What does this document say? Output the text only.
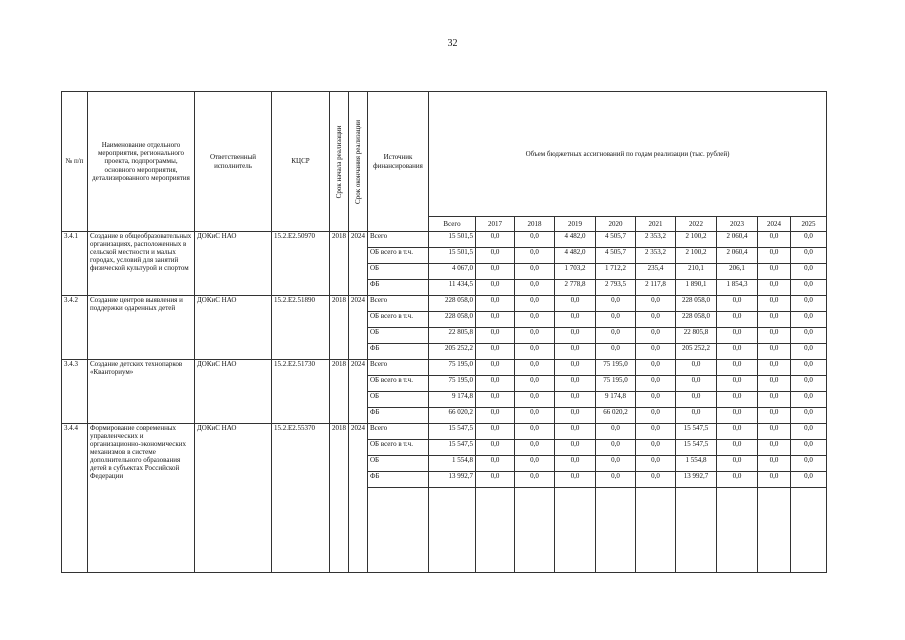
32
№ п/п	Наименование отдельного мероприятия, регионального проекта, подпрограммы, основного мероприятия, детализированного мероприятия	Ответственный исполнитель	КЦСР	Срок начала реализации	Срок окончания реализации	Источник финансирования	Объем бюджетных ассигнований по годам реализации (тыс. рублей)									
							Всего	2017	2018	2019	2020	2021	2022	2023	2024	2025
3.4.1	Создание в общеобразовательных организациях, расположенных в сельской местности и малых городах, условий для занятий физической культурой и спортом	ДОКиС НАО	15.2.E2.50970	2018	2024	Всего	15 501,5	0,0	0,0	4 482,0	4 505,7	2 353,2	2 100,2	2 060,4	0,0	0,0
						ОБ всего в т.ч.	15 501,5	0,0	0,0	4 482,0	4 505,7	2 353,2	2 100,2	2 060,4	0,0	0,0
						ОБ	4 067,0	0,0	0,0	1 703,2	1 712,2	235,4	210,1	206,1	0,0	0,0
						ФБ	11 434,5	0,0	0,0	2 778,8	2 793,5	2 117,8	1 890,1	1 854,3	0,0	0,0
3.4.2	Создание центров выявления и поддержки одаренных детей	ДОКиС НАО	15.2.E2.51890	2018	2024	Всего	228 058,0	0,0	0,0	0,0	0,0	0,0	228 058,0	0,0	0,0	0,0
						ОБ всего в т.ч.	228 058,0	0,0	0,0	0,0	0,0	0,0	228 058,0	0,0	0,0	0,0
						ОБ	22 805,8	0,0	0,0	0,0	0,0	0,0	22 805,8	0,0	0,0	0,0
						ФБ	205 252,2	0,0	0,0	0,0	0,0	0,0	205 252,2	0,0	0,0	0,0
3.4.3	Создание детских технопарков «Кванториум»	ДОКиС НАО	15.2.E2.51730	2018	2024	Всего	75 195,0	0,0	0,0	0,0	75 195,0	0,0	0,0	0,0	0,0	0,0
						ОБ всего в т.ч.	75 195,0	0,0	0,0	0,0	75 195,0	0,0	0,0	0,0	0,0	0,0
						ОБ	9 174,8	0,0	0,0	0,0	9 174,8	0,0	0,0	0,0	0,0	0,0
						ФБ	66 020,2	0,0	0,0	0,0	66 020,2	0,0	0,0	0,0	0,0	0,0
3.4.4	Формирование современных управленческих и организационно-экономических механизмов в системе дополнительного образования детей в субъектах Российской Федерации	ДОКиС НАО	15.2.E2.55370	2018	2024	Всего	15 547,5	0,0	0,0	0,0	0,0	0,0	15 547,5	0,0	0,0	0,0
						ОБ всего в т.ч.	15 547,5	0,0	0,0	0,0	0,0	0,0	15 547,5	0,0	0,0	0,0
						ОБ	1 554,8	0,0	0,0	0,0	0,0	0,0	1 554,8	0,0	0,0	0,0
						ФБ	13 992,7	0,0	0,0	0,0	0,0	0,0	13 992,7	0,0	0,0	0,0
